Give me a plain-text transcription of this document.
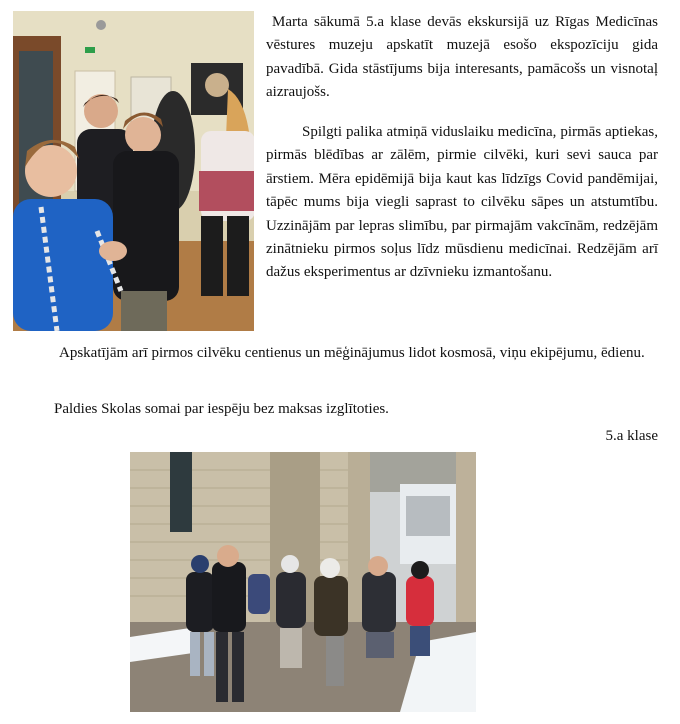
Marta sākumā 5.a klase devās ekskursijā uz Rīgas Medicīnas vēstures muzeju apskatīt muzejā esošo ekspozīciju gida pavadībā. Gida stāstījums bija interesants, pamācošs un visnotaļ aizraujošs.

Spilgti palika atmiņā viduslaiku medicīna, pirmās aptiekas, pirmās blēdības ar zālēm, pirmie cilvēki, kuri sevi sauca par ārstiem. Mēra epidēmijā bija kaut kas līdzīgs Covid pandēmijai, tāpēc mums bija viegli saprast to cilvēku sāpes un atstumtību. Uzzinājām par lepras slimību, par pirmajām vakcīnām, redzējām zinātnieku pirmos soļus līdz mūsdienu medicīnai. Redzējām arī dažus eksperimentus ar dzīvnieku izmantošanu.

Apskatījām arī pirmos cilvēku centienus un mēģinājumus lidot kosmosā, viņu ekipējumu, ēdienu.

Paldies Skolas somai par iespēju bez maksas izglītoties.

5.a klase
